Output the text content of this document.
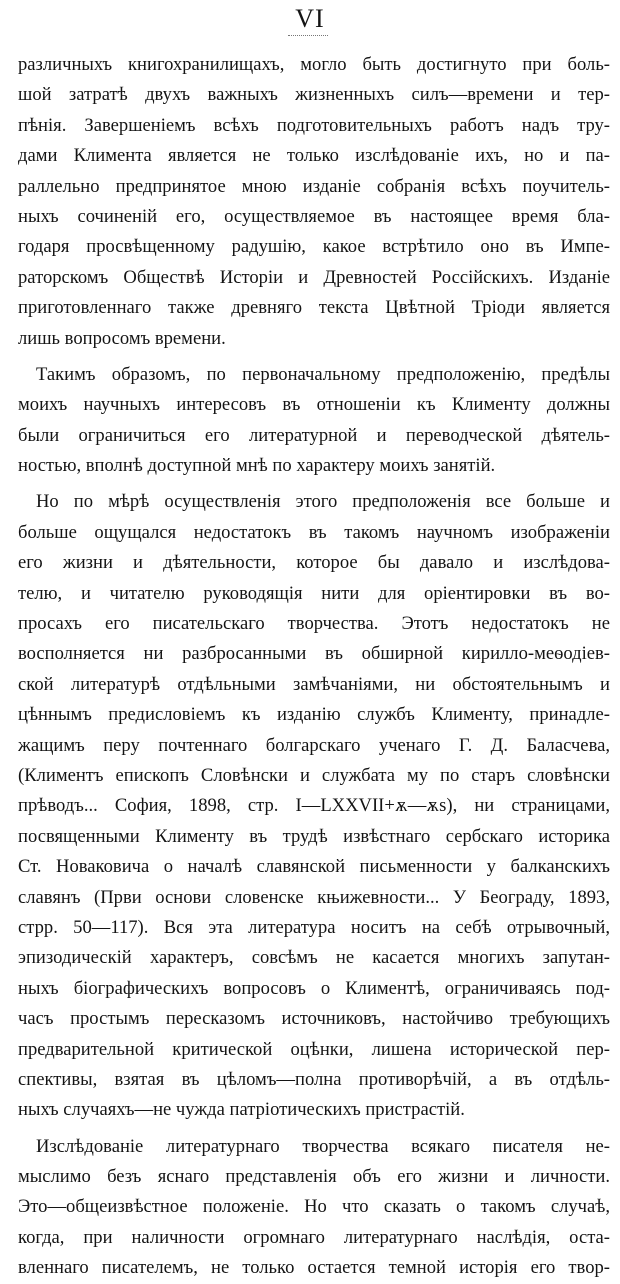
VI
различныхъ книгохранилищахъ, могло быть достигнуто при боль-
шой затратѣ двухъ важныхъ жизненныхъ силъ—времени и тер-
пѣнія. Завершеніемъ всѣхъ подготовительныхъ работъ надъ тру-
дами Климента является не только изслѣдованіе ихъ, но и па-
раллельно предпринятое мною изданіе собранія всѣхъ поучитель-
ныхъ сочиненій его, осуществляемое въ настоящее время бла-
годаря просвѣщенному радушію, какое встрѣтило оно въ Импе-
раторскомъ Обществѣ Исторіи и Древностей Россійскихъ. Изданіе
приготовленнаго также древняго текста Цвѣтной Тріоди является
лишь вопросомъ времени.
Такимъ образомъ, по первоначальному предположенію, предѣлы
моихъ научныхъ интересовъ въ отношеніи къ Клименту должны
были ограничиться его литературной и переводческой дѣятель-
ностью, вполнѣ доступной мнѣ по характеру моихъ занятій.
Но по мѣрѣ осуществленія этого предположенія все больше и
больше ощущался недостатокъ въ такомъ научномъ изображеніи
его жизни и дѣятельности, которое бы давало и изслѣдова-
телю, и читателю руководящія нити для оріентировки въ во-
просахъ его писательскаго творчества. Этотъ недостатокъ не
восполняется ни разбросанными въ обширной кирилло-меѳодіев-
ской литературѣ отдѣльными замѣчаніями, ни обстоятельнымъ и
цѣннымъ предисловіемъ къ изданію службъ Клименту, принадле-
жащимъ перу почтеннаго болгарскаго ученаго Г. Д. Баласчева,
(Климентъ епископъ Словѣнски и службата му по старъ словѣнски
прѣводъ... София, 1898, стр. I—LXXVII+ѫ—ѫѕ), ни страницами,
посвященными Клименту въ трудѣ извѣстнаго сербскаго историка
Ст. Новаковича о началѣ славянской письменности у балканскихъ
славянъ (Први основи словенске књижевности... У Београду, 1893,
стрр. 50—117). Вся эта литература носитъ на себѣ отрывочный,
эпизодическій характеръ, совсѣмъ не касается многихъ запутан-
ныхъ біографическихъ вопросовъ о Климентѣ, ограничиваясь под-
часъ простымъ пересказомъ источниковъ, настойчиво требующихъ
предварительной критической оцѣнки, лишена исторической пер-
спективы, взятая въ цѣломъ—полна противорѣчій, а въ отдѣль-
ныхъ случаяхъ—не чужда патріотическихъ пристрастій.
Изслѣдованіе литературнаго творчества всякаго писателя не-
мыслимо безъ яснаго представленія объ его жизни и личности.
Это—общеизвѣстное положеніе. Но что сказать о такомъ случаѣ,
когда, при наличности огромнаго литературнаго наслѣдія, оста-
вленнаго писателемъ, не только остается темной исторія его твор-
